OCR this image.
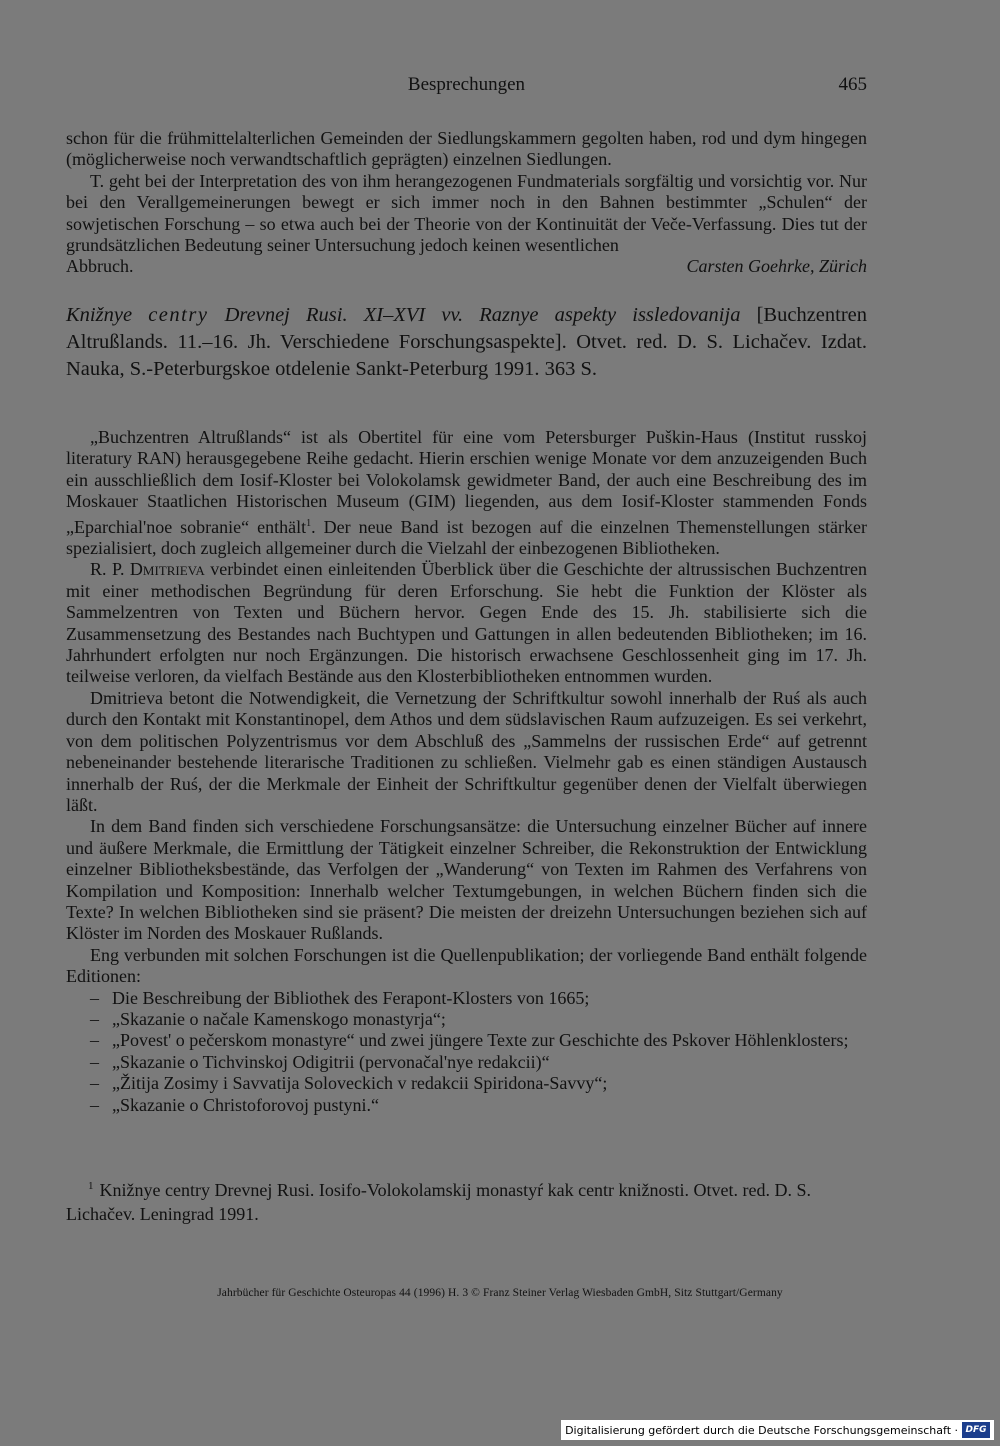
Besprechungen	465

schon für die frühmittelalterlichen Gemeinden der Siedlungskammern gegolten haben, rod und dym hingegen (möglicherweise noch verwandtschaftlich geprägten) einzelnen Siedlungen.

T. geht bei der Interpretation des von ihm herangezogenen Fundmaterials sorgfältig und vorsichtig vor. Nur bei den Verallgemeinerungen bewegt er sich immer noch in den Bahnen bestimmter „Schulen“ der sowjetischen Forschung – so etwa auch bei der Theorie von der Kontinuität der Veče-Verfassung. Dies tut der grundsätzlichen Bedeutung seiner Untersuchung jedoch keinen wesentlichen

Abbruch.	Carsten Goehrke, Zürich

Knižnye centry Drevnej Rusi. XI–XVI vv. Raznye aspekty issledovanija [Buchzentren Altrußlands. 11.–16. Jh. Verschiedene Forschungsaspekte]. Otvet. red. D. S. Lichačev. Izdat. Nauka, S.-Peterburgskoe otdelenie Sankt-Peterburg 1991. 363 S.

„Buchzentren Altrußlands“ ist als Obertitel für eine vom Petersburger Puškin-Haus (Institut russkoj literatury RAN) herausgegebene Reihe gedacht. Hierin erschien wenige Monate vor dem anzuzeigenden Buch ein ausschließlich dem Iosif-Kloster bei Volokolamsk gewidmeter Band, der auch eine Beschreibung des im Moskauer Staatlichen Historischen Museum (GIM) liegenden, aus dem Iosif-Kloster stammenden Fonds „Eparchial'noe sobranie“ enthält$^1$. Der neue Band ist bezogen auf die einzelnen Themenstellungen stärker spezialisiert, doch zugleich allgemeiner durch die Vielzahl der einbezogenen Bibliotheken.

R. P. Dmitrieva verbindet einen einleitenden Überblick über die Geschichte der altrussischen Buchzentren mit einer methodischen Begründung für deren Erforschung. Sie hebt die Funktion der Klöster als Sammelzentren von Texten und Büchern hervor. Gegen Ende des 15. Jh. stabilisierte sich die Zusammensetzung des Bestandes nach Buchtypen und Gattungen in allen bedeutenden Bibliotheken; im 16. Jahrhundert erfolgten nur noch Ergänzungen. Die historisch erwachsene Geschlossenheit ging im 17. Jh. teilweise verloren, da vielfach Bestände aus den Klosterbibliotheken entnommen wurden.

Dmitrieva betont die Notwendigkeit, die Vernetzung der Schriftkultur sowohl innerhalb der Ruś als auch durch den Kontakt mit Konstantinopel, dem Athos und dem südslavischen Raum aufzuzeigen. Es sei verkehrt, von dem politischen Polyzentrismus vor dem Abschluß des „Sammelns der russischen Erde“ auf getrennt nebeneinander bestehende literarische Traditionen zu schließen. Vielmehr gab es einen ständigen Austausch innerhalb der Ruś, der die Merkmale der Einheit der Schriftkultur gegenüber denen der Vielfalt überwiegen läßt.

In dem Band finden sich verschiedene Forschungsansätze: die Untersuchung einzelner Bücher auf innere und äußere Merkmale, die Ermittlung der Tätigkeit einzelner Schreiber, die Rekonstruktion der Entwicklung einzelner Bibliotheksbestände, das Verfolgen der „Wanderung“ von Texten im Rahmen des Verfahrens von Kompilation und Komposition: Innerhalb welcher Textumgebungen, in welchen Büchern finden sich die Texte? In welchen Bibliotheken sind sie präsent? Die meisten der dreizehn Untersuchungen beziehen sich auf Klöster im Norden des Moskauer Rußlands.

Eng verbunden mit solchen Forschungen ist die Quellenpublikation; der vorliegende Band enthält folgende Editionen:

– Die Beschreibung der Bibliothek des Ferapont-Klosters von 1665;
– „Skazanie o načale Kamenskogo monastyrja“;
– „Povest' o pečerskom monastyre“ und zwei jüngere Texte zur Geschichte des Pskover Höhlenklosters;
– „Skazanie o Tichvinskoj Odigitrii (pervonačal'nye redakcii)“
– „Žitija Zosimy i Savvatija Soloveckich v redakcii Spiridona-Savvy“;
– „Skazanie o Christoforovoj pustyni.“
$^1$ Knižnye centry Drevnej Rusi. Iosifo-Volokolamskij monastyŕ kak centr knižnosti. Otvet. red. D. S. Lichačev. Leningrad 1991.
Jahrbücher für Geschichte Osteuropas 44 (1996) H. 3 © Franz Steiner Verlag Wiesbaden GmbH, Sitz Stuttgart/Germany
Digitalisierung gefördert durch die Deutsche Forschungsgemeinschaft · DFG
